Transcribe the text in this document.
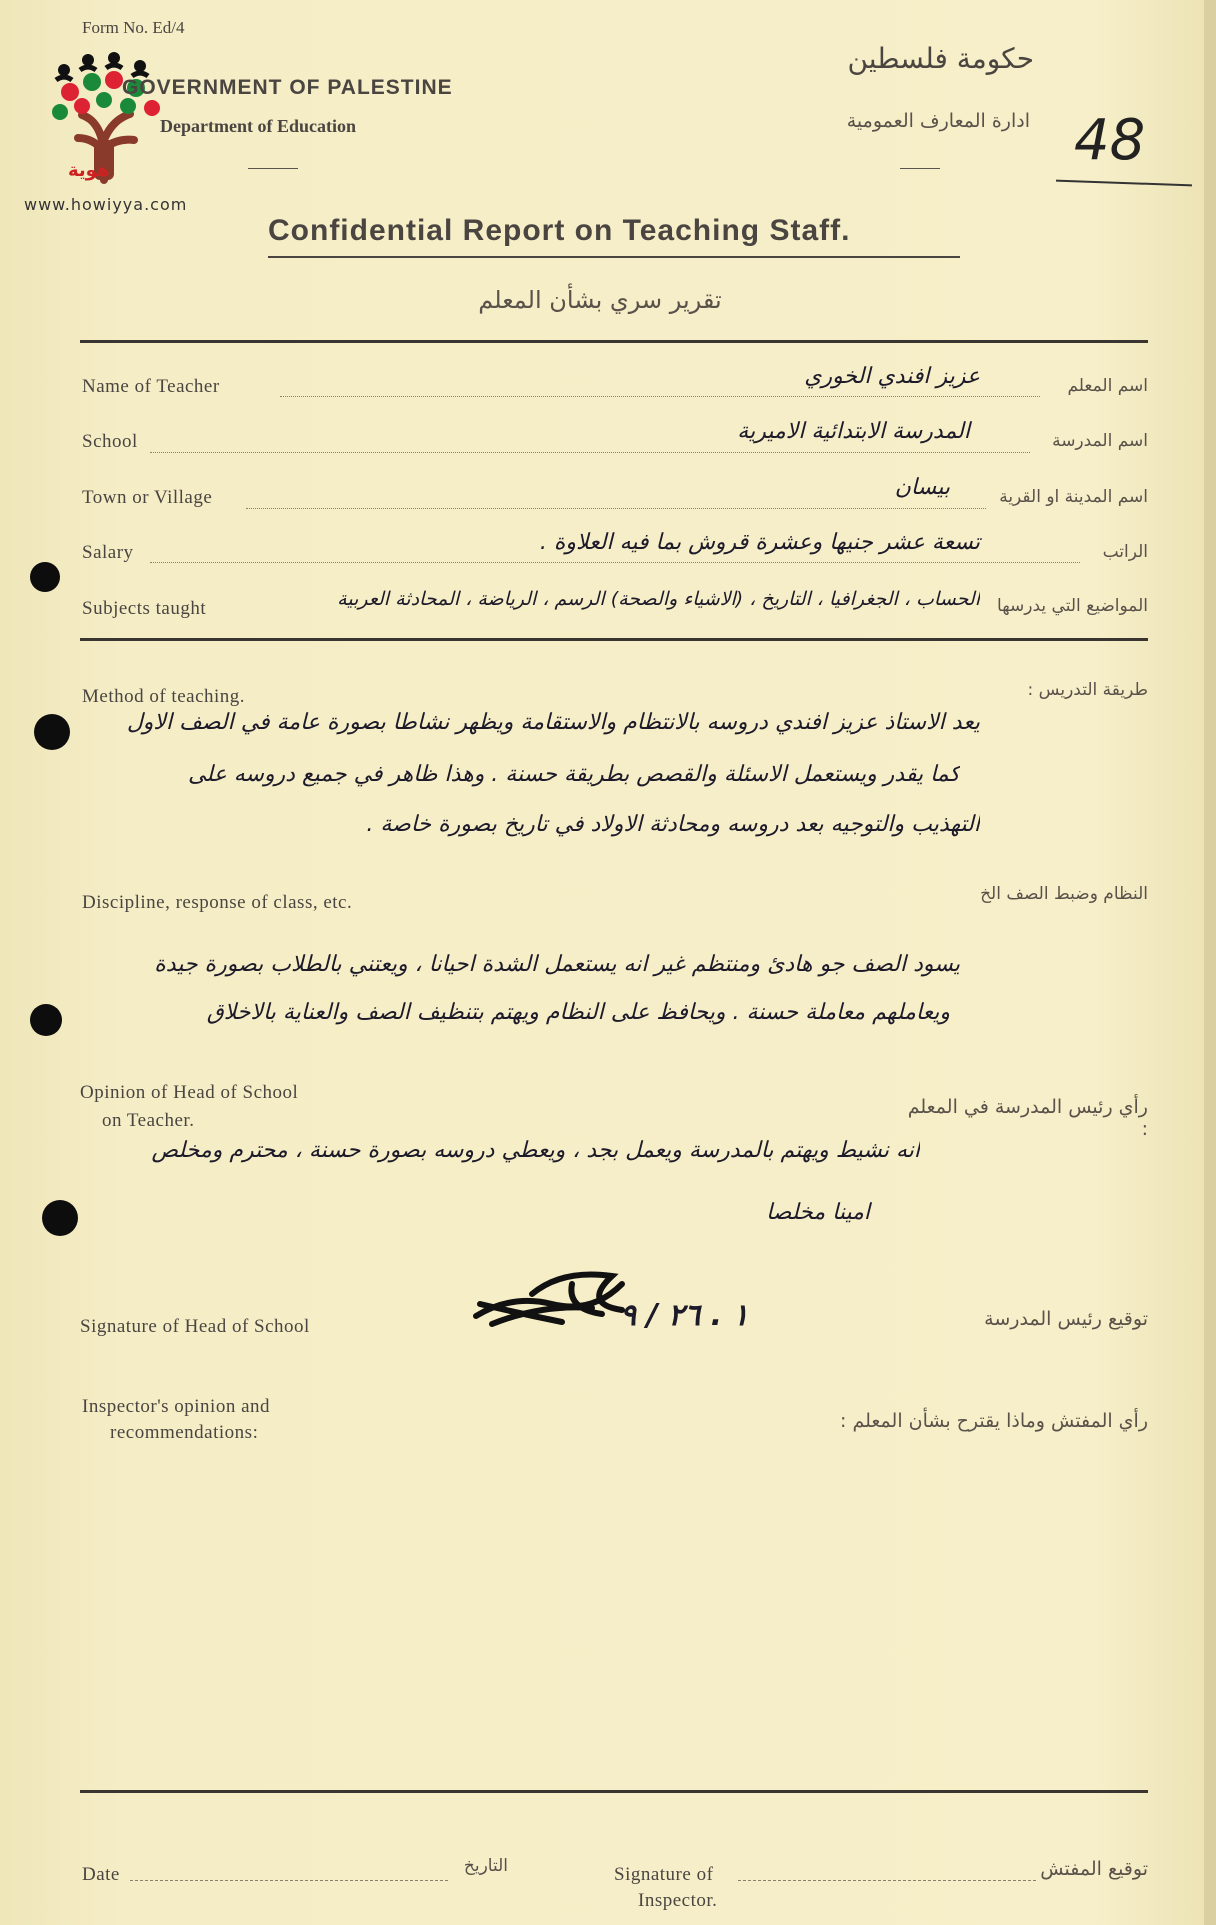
هوية
www.howiyya.com
Form No. Ed/4
GOVERNMENT OF PALESTINE
Department of Education
حكومة فلسطين
ادارة المعارف العمومية 48
Confidential Report on Teaching Staff.
تقرير سري بشأن المعلم
Name of Teacher	عزيز افندي الخوري	اسم المعلم
School	المدرسة الابتدائية الاميرية	اسم المدرسة
Town or Village	بيسان	اسم المدينة او القرية
Salary	تسعة عشر جنيها وعشرة قروش بما فيه العلاوة .	الراتب
Subjects taught	الحساب ، الجغرافيا ، التاريخ ، (الاشياء والصحة) الرسم ، الرياضة ، المحادثة العربية	المواضيع التي يدرسها
Method of teaching.	طريقة التدريس :
يعد الاستاذ عزيز افندي دروسه بالانتظام والاستقامة ويظهر نشاطا بصورة عامة في الصف الاول
كما يقدر ويستعمل الاسئلة والقصص بطريقة حسنة . وهذا ظاهر في جميع دروسه على
التهذيب والتوجيه بعد دروسه ومحادثة الاولاد في تاريخ بصورة خاصة .
Discipline, response of class, etc.	النظام وضبط الصف الخ
يسود الصف جو هادئ ومنتظم غير انه يستعمل الشدة احيانا ، ويعتني بالطلاب بصورة جيدة
ويعاملهم معاملة حسنة . ويحافظ على النظام ويهتم بتنظيف الصف والعناية بالاخلاق
Opinion of Head of School
on Teacher.
رأي رئيس المدرسة في المعلم :
انه نشيط ويهتم بالمدرسة ويعمل بجد ، ويعطي دروسه بصورة حسنة ، محترم ومخلص
امينا مخلصا
Signature of Head of School	١ . ٢٦ / ٩	توقيع رئيس المدرسة
Inspector's opinion and
recommendations:
رأي المفتش وماذا يقترح بشأن المعلم :
Date	التاريخ	Signature of
Inspector.
توقيع المفتش
